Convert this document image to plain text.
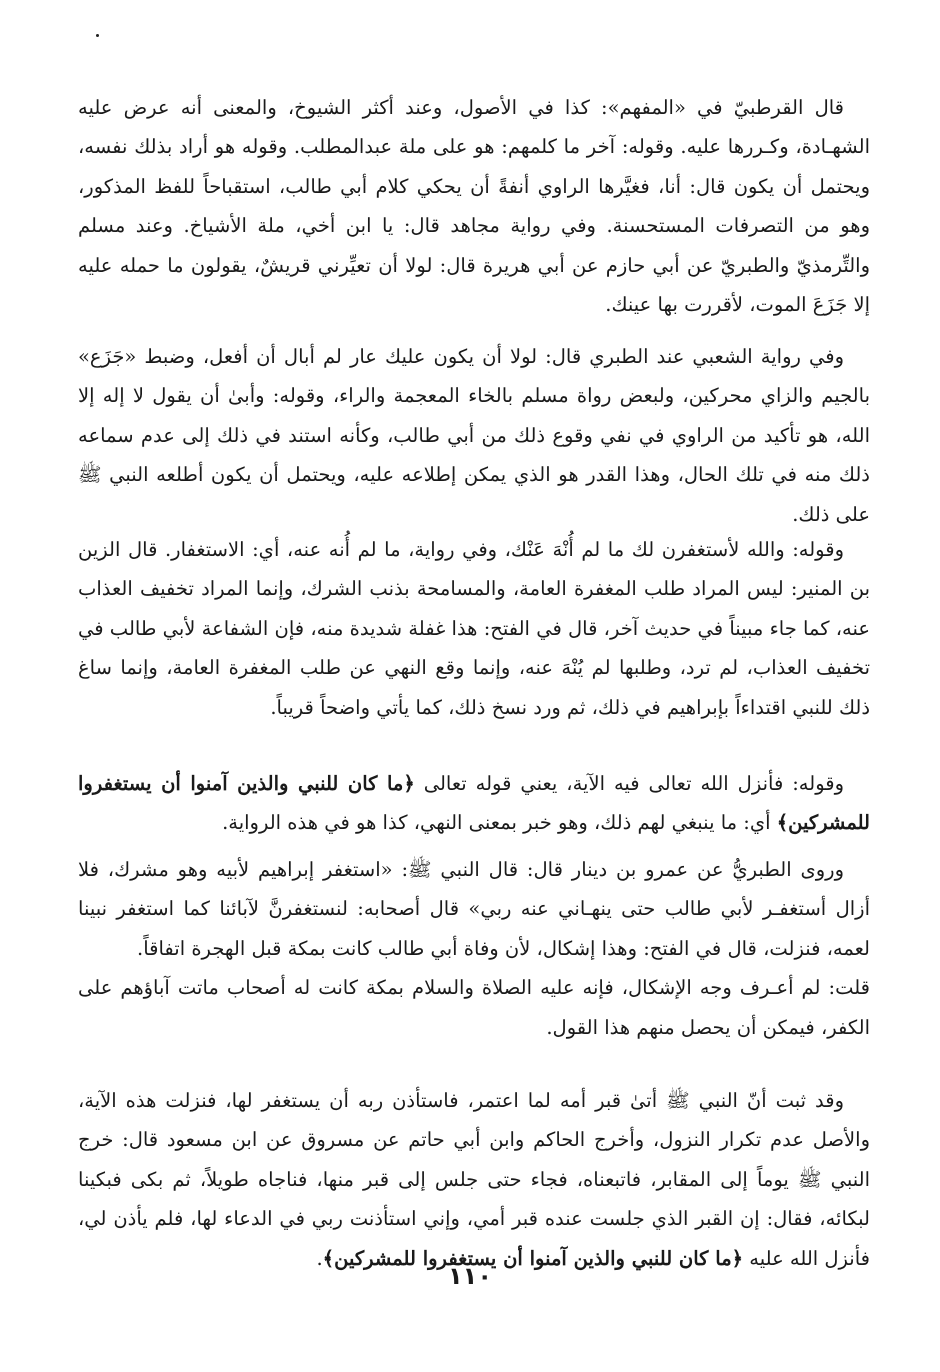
قال القرطبيّ في «المفهم»: كذا في الأصول، وعند أكثر الشيوخ، والمعنى أنه عرض عليه الشهـادة، وكـررها عليه. وقوله: آخر ما كلمهم: هو على ملة عبدالمطلب. وقوله هو أراد بذلك نفسه، ويحتمل أن يكون قال: أنا، فغيَّرها الراوي أنفةً أن يحكي كلام أبي طالب، استقباحاً للفظ المذكور، وهو من التصرفات المستحسنة. وفي رواية مجاهد قال: يا ابن أخي، ملة الأشياخ. وعند مسلم والتِّرمذيّ والطبريّ عن أبي حازم عن أبي هريرة قال: لولا أن تعيِّرني قريشٌ، يقولون ما حمله عليه إلا جَزَعَ الموت، لأقررت بها عينك.

وفي رواية الشعبي عند الطبري قال: لولا أن يكون عليك عار لم أبال أن أفعل، وضبط «جَزَع» بالجيم والزاي محركين، ولبعض رواة مسلم بالخاء المعجمة والراء، وقوله: وأبىٰ أن يقول لا إله إلا الله، هو تأكيد من الراوي في نفي وقوع ذلك من أبي طالب، وكأنه استند في ذلك إلى عدم سماعه ذلك منه في تلك الحال، وهذا القدر هو الذي يمكن إطلاعه عليه، ويحتمل أن يكون أطلعه النبي ﷺ على ذلك.

وقوله: والله لأستغفرن لك ما لم أُنْهَ عَنْك، وفي رواية، ما لم أُنه عنه، أي: الاستغفار. قال الزين بن المنير: ليس المراد طلب المغفرة العامة، والمسامحة بذنب الشرك، وإنما المراد تخفيف العذاب عنه، كما جاء مبيناً في حديث آخر، قال في الفتح: هذا غفلة شديدة منه، فإن الشفاعة لأبي طالب في تخفيف العذاب، لم ترد، وطلبها لم يُنْهَ عنه، وإنما وقع النهي عن طلب المغفرة العامة، وإنما ساغ ذلك للنبي اقتداءاً بإبراهيم في ذلك، ثم ورد نسخ ذلك، كما يأتي واضحاً قريباً.

وقوله: فأنزل الله تعالى فيه الآية، يعني قوله تعالى ﴿ما كان للنبي والذين آمنوا أن يستغفروا للمشركين﴾ أي: ما ينبغي لهم ذلك، وهو خبر بمعنى النهي، كذا هو في هذه الرواية.

وروى الطبريُّ عن عمرو بن دينار قال: قال النبي ﷺ: «استغفر إبراهيم لأبيه وهو مشرك، فلا أزال أستغفـر لأبي طالب حتى ينهـاني عنه ربي» قال أصحابه: لنستغفرنَّ لآبائنا كما استغفر نبينا لعمه، فنزلت، قال في الفتح: وهذا إشكال، لأن وفاة أبي طالب كانت بمكة قبل الهجرة اتفاقاً.

قلت: لم أعـرف وجه الإشكال، فإنه عليه الصلاة والسلام بمكة كانت له أصحاب ماتت آباؤهم على الكفر، فيمكن أن يحصل منهم هذا القول.

وقد ثبت أنّ النبي ﷺ أتىٰ قبر أمه لما اعتمر، فاستأذن ربه أن يستغفر لها، فنزلت هذه الآية، والأصل عدم تكرار النزول، وأخرج الحاكم وابن أبي حاتم عن مسروق عن ابن مسعود قال: خرج النبي ﷺ يوماً إلى المقابر، فاتبعناه، فجاء حتى جلس إلى قبر منها، فناجاه طويلاً، ثم بكى فبكينا لبكائه، فقال: إن القبر الذي جلست عنده قبر أمي، وإني استأذنت ربي في الدعاء لها، فلم يأذن لي، فأنزل الله عليه ﴿ما كان للنبي والذين آمنوا أن يستغفروا للمشركين﴾.

١١٠
